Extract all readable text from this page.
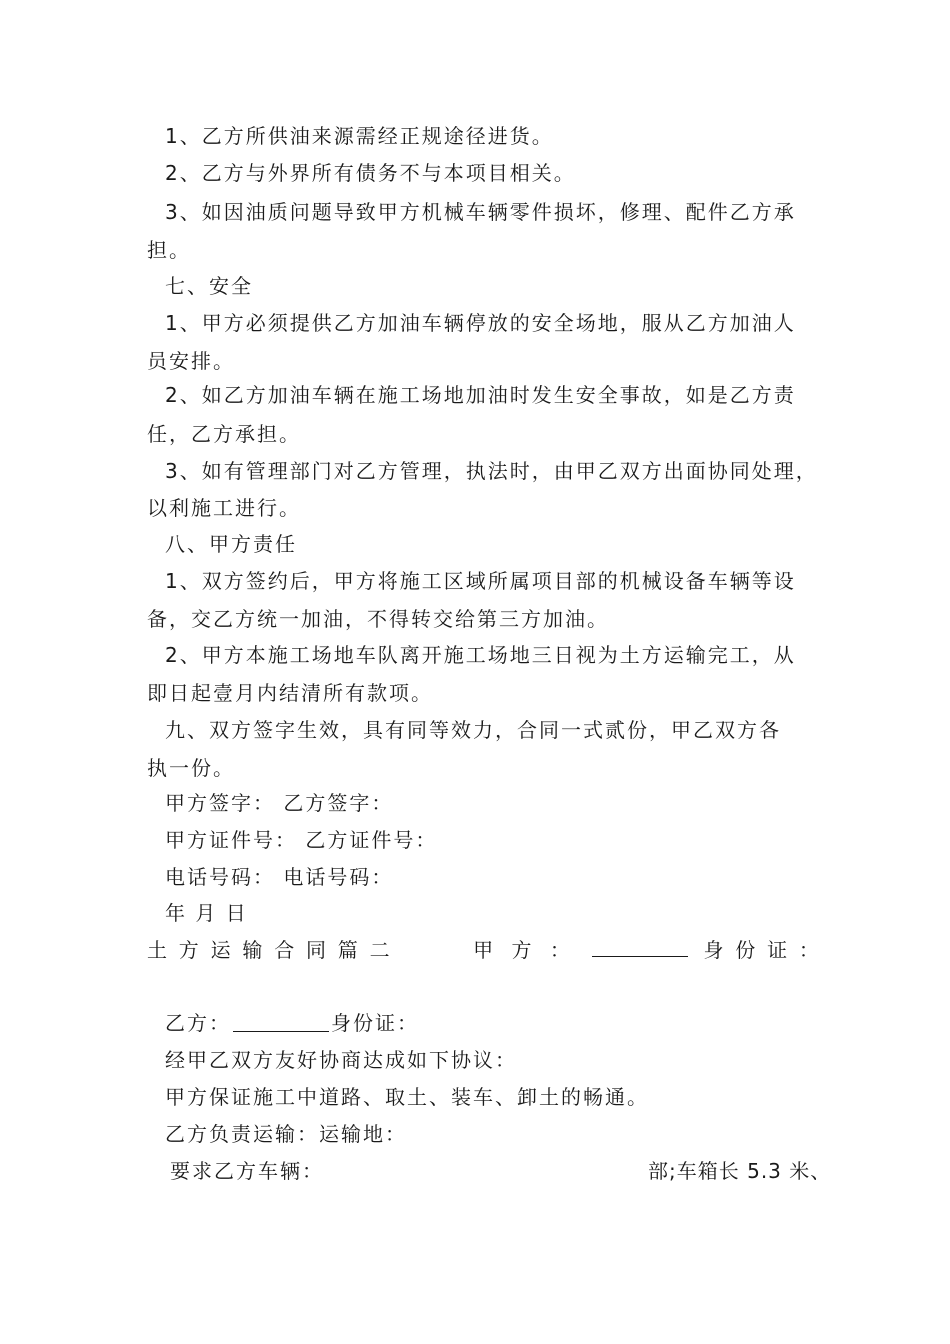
1、乙方所供油来源需经正规途径进货。
2、乙方与外界所有债务不与本项目相关。
3、如因油质问题导致甲方机械车辆零件损坏，修理、配件乙方承
担。
七、安全
1、甲方必须提供乙方加油车辆停放的安全场地，服从乙方加油人
员安排。
2、如乙方加油车辆在施工场地加油时发生安全事故，如是乙方责
任，乙方承担。
3、如有管理部门对乙方管理，执法时，由甲乙双方出面协同处理，
以利施工进行。
八、甲方责任
1、双方签约后，甲方将施工区域所属项目部的机械设备车辆等设
备，交乙方统一加油，不得转交给第三方加油。
2、甲方本施工场地车队离开施工场地三日视为土方运输完工，从
即日起壹月内结清所有款项。
九、双方签字生效，具有同等效力，合同一式贰份，甲乙双方各
执一份。
甲方签字： 乙方签字：
甲方证件号： 乙方证件号：
电话号码： 电话号码：
年 月 日
土 方 运 输 合 同 篇 二	甲 方 ：	身 份 证 ：
乙方：	身份证：
经甲乙双方友好协商达成如下协议：
甲方保证施工中道路、取土、装车、卸土的畅通。
乙方负责运输：运输地：
要求乙方车辆：	部;车箱长 5.3 米、
